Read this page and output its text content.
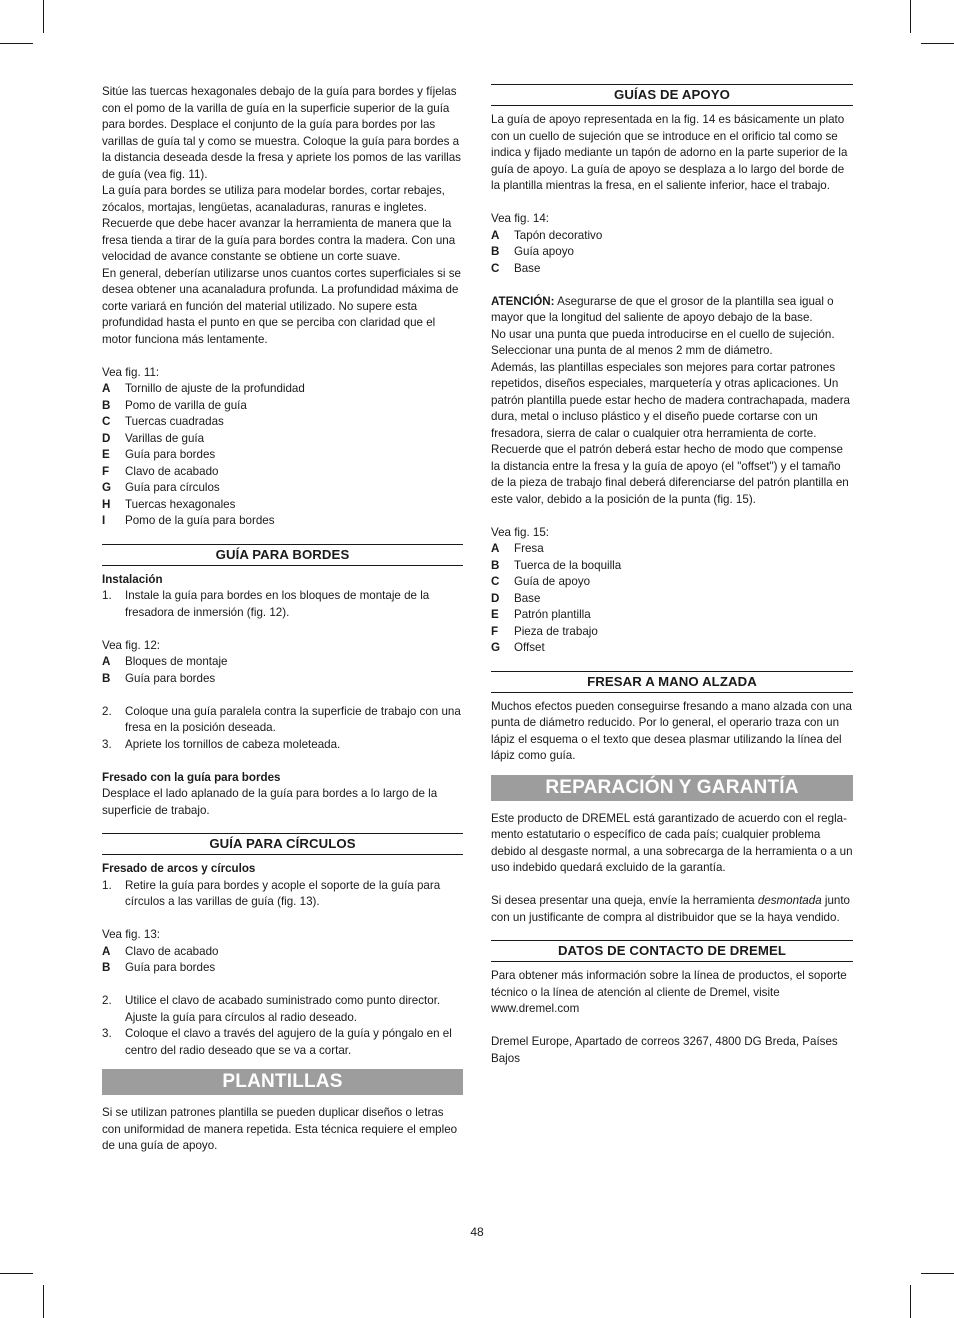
Sitúe las tuercas hexagonales debajo de la guía para bordes y fíjelas con el pomo de la varilla de guía en la superficie superior de la guía para bordes. Desplace el conjunto de la guía para bordes por las varillas de guía tal y como se muestra. Coloque la guía para bordes a la distancia deseada desde la fresa y apriete los pomos de las varillas de guía (vea fig. 11).

La guía para bordes se utiliza para modelar bordes, cortar rebajes, zócalos, mortajas, lengüetas, acanaladuras, ranuras e ingletes. Recuerde que debe hacer avanzar la herramienta de manera que la fresa tienda a tirar de la guía para bordes contra la madera. Con una velocidad de avance constante se obtiene un corte suave.

En general, deberían utilizarse unos cuantos cortes superficiales si se desea obtener una acanaladura profunda. La profundidad máxima de corte variará en función del material utilizado. No supere esta profundidad hasta el punto en que se perciba con claridad que el motor funciona más lentamente.

Vea fig. 11:

A	Tornillo de ajuste de la profundidad
B	Pomo de varilla de guía
C	Tuercas cuadradas
D	Varillas de guía
E	Guía para bordes
F	Clavo de acabado
G	Guía para círculos
H	Tuercas hexagonales
I	Pomo de la guía para bordes
GUÍA PARA BORDES

Instalación

1.	Instale la guía para bordes en los bloques de montaje de la fresadora de inmersión (fig. 12).

Vea fig. 12:

A	Bloques de montaje
B	Guía para bordes
2.	Coloque una guía paralela contra la superficie de trabajo con una fresa en la posición deseada.
3.	Apriete los tornillos de cabeza moleteada.

Fresado con la guía para bordes

Desplace el lado aplanado de la guía para bordes a lo largo de la superficie de trabajo.

GUÍA PARA CÍRCULOS

Fresado de arcos y círculos

1.	Retire la guía para bordes y acople el soporte de la guía para círculos a las varillas de guía (fig. 13).

Vea fig. 13:

A	Clavo de acabado
B	Guía para bordes
2.	Utilice el clavo de acabado suministrado como punto director. Ajuste la guía para círculos al radio deseado.
3.	Coloque el clavo a través del agujero de la guía y póngalo en el centro del radio deseado que se va a cortar.
PLANTILLAS

Si se utilizan patrones plantilla se pueden duplicar diseños o letras con uniformidad de manera repetida. Esta técnica requiere el empleo de una guía de apoyo.

GUÍAS DE APOYO

La guía de apoyo representada en la fig. 14 es básicamente un plato con un cuello de sujeción que se introduce en el orificio tal como se indica y fijado mediante un tapón de adorno en la parte superior de la guía de apoyo. La guía de apoyo se desplaza a lo largo del borde de la plantilla mientras la fresa, en el saliente inferior, hace el trabajo.

Vea fig. 14:

A	Tapón decorativo
B	Guía apoyo
C	Base

ATENCIÓN: Asegurarse de que el grosor de la plantilla sea igual o mayor que la longitud del saliente de apoyo debajo de la base.

No usar una punta que pueda introducirse en el cuello de sujeción. Seleccionar una punta de al menos 2 mm de diámetro.

Además, las plantillas especiales son mejores para cortar patrones repetidos, diseños especiales, marquetería y otras aplicaciones. Un patrón plantilla puede estar hecho de madera contrachapada, madera dura, metal o incluso plástico y el diseño puede cortarse con un fresadora, sierra de calar o cualquier otra herramienta de corte.

Recuerde que el patrón deberá estar hecho de modo que compense la distancia entre la fresa y la guía de apoyo (el "offset") y el tamaño de la pieza de trabajo final deberá diferenciarse del patrón plantilla en este valor, debido a la posición de la punta (fig. 15).

Vea fig. 15:

A	Fresa
B	Tuerca de la boquilla
C	Guía de apoyo
D	Base
E	Patrón plantilla
F	Pieza de trabajo
G	Offset
FRESAR A MANO ALZADA

Muchos efectos pueden conseguirse fresando a mano alzada con una punta de diámetro reducido. Por lo general, el operario traza con un lápiz el esquema o el texto que desea plasmar utilizando la línea del lápiz como guía.

REPARACIÓN Y GARANTÍA

Este producto de DREMEL está garantizado de acuerdo con el regla-mento estatutario o específico de cada país; cualquier problema debido al desgaste normal, a una sobrecarga de la herramienta o a un uso indebido quedará excluido de la garantía.

Si desea presentar una queja, envíe la herramienta desmontada junto con un justificante de compra al distribuidor que se la haya vendido.

DATOS DE CONTACTO DE DREMEL

Para obtener más información sobre la línea de productos, el soporte técnico o la línea de atención al cliente de Dremel, visite www.dremel.com

Dremel Europe, Apartado de correos 3267, 4800 DG Breda, Países Bajos

48
